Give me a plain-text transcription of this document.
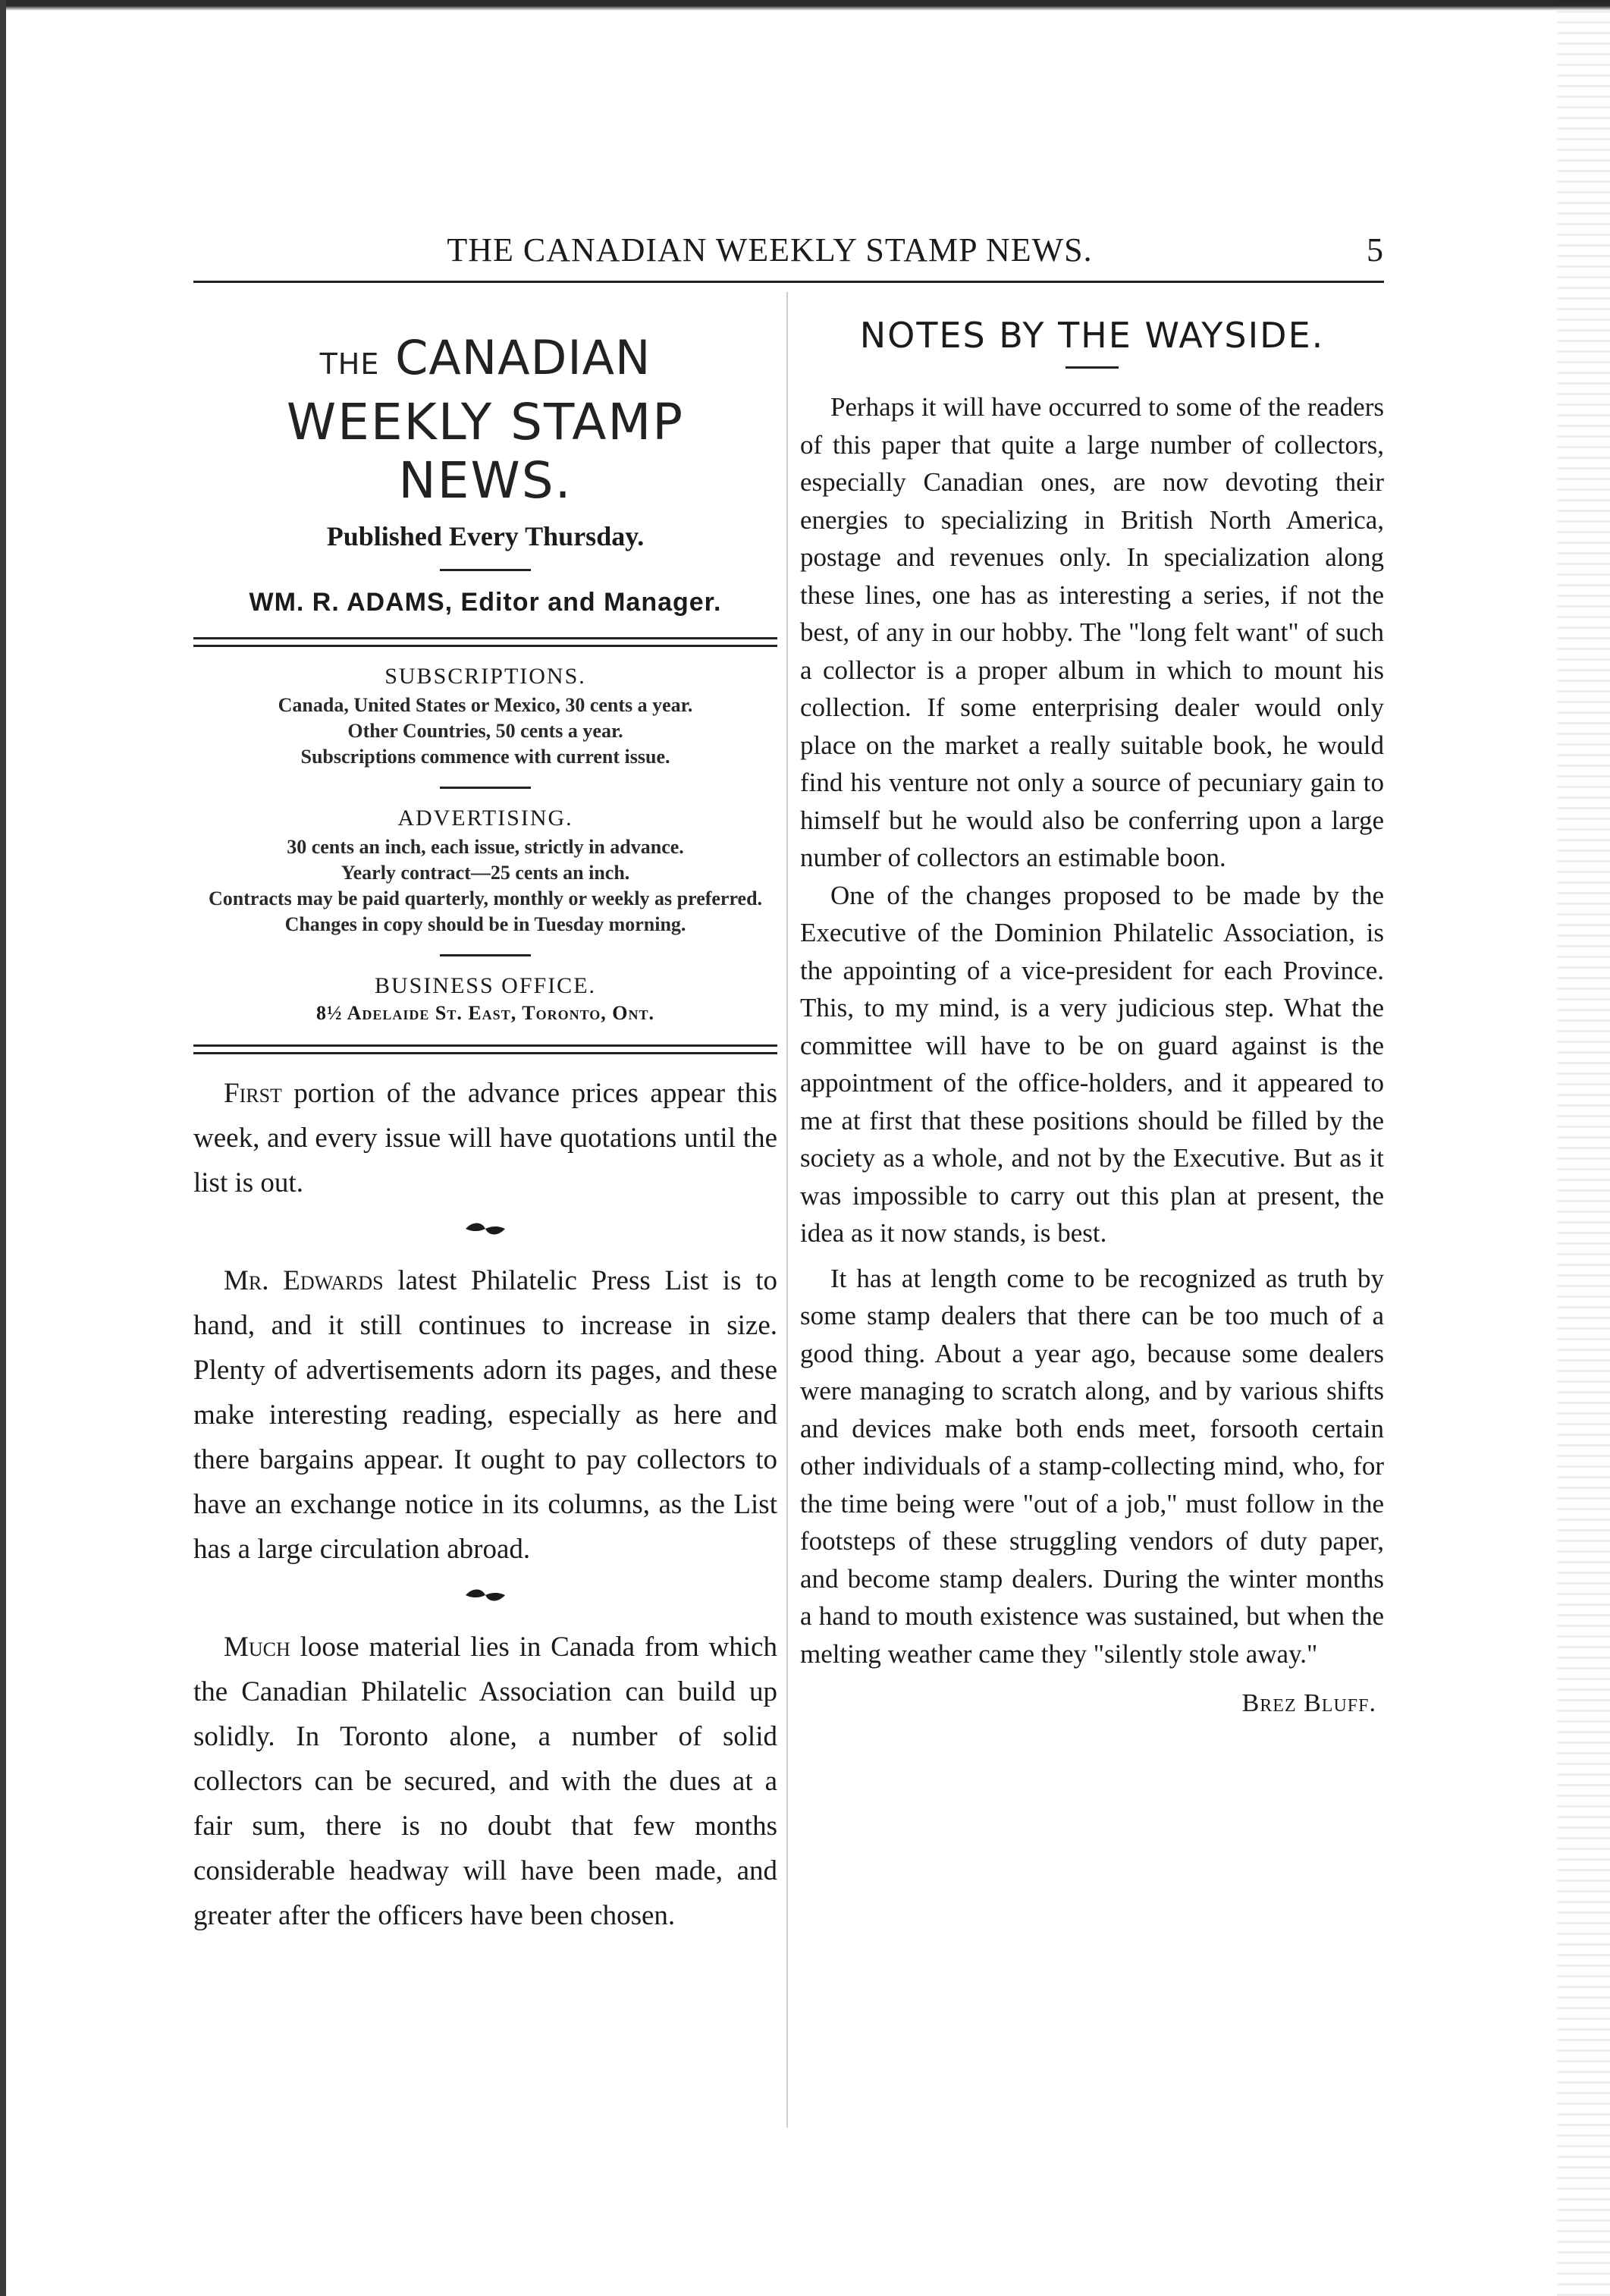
THE CANADIAN WEEKLY STAMP NEWS.	5
THE CANADIAN
WEEKLY STAMP NEWS.
Published Every Thursday.
WM. R. ADAMS, Editor and Manager.
SUBSCRIPTIONS.
Canada, United States or Mexico, 30 cents a year.
Other Countries, 50 cents a year.
Subscriptions commence with current issue.
ADVERTISING.
30 cents an inch, each issue, strictly in advance.
Yearly contract—25 cents an inch.
Contracts may be paid quarterly, monthly or weekly as preferred.
Changes in copy should be in Tuesday morning.
BUSINESS OFFICE.
8½ Adelaide St. East, Toronto, Ont.

First portion of the advance prices appear this week, and every issue will have quotations until the list is out.

Mr. Edwards latest Philatelic Press List is to hand, and it still continues to increase in size. Plenty of advertisements adorn its pages, and these make interesting reading, especially as here and there bargains appear. It ought to pay collectors to have an exchange notice in its columns, as the List has a large circulation abroad.

Much loose material lies in Canada from which the Canadian Philatelic Association can build up solidly. In Toronto alone, a number of solid collectors can be secured, and with the dues at a fair sum, there is no doubt that few months considerable headway will have been made, and greater after the officers have been chosen.

NOTES BY THE WAYSIDE.

Perhaps it will have occurred to some of the readers of this paper that quite a large number of collectors, especially Canadian ones, are now devoting their energies to specializing in British North America, postage and revenues only. In specialization along these lines, one has as interesting a series, if not the best, of any in our hobby. The "long felt want" of such a collector is a proper album in which to mount his collection. If some enterprising dealer would only place on the market a really suitable book, he would find his venture not only a source of pecuniary gain to himself but he would also be conferring upon a large number of collectors an estimable boon.

One of the changes proposed to be made by the Executive of the Dominion Philatelic Association, is the appointing of a vice-president for each Province. This, to my mind, is a very judicious step. What the committee will have to be on guard against is the appointment of the office-holders, and it appeared to me at first that these positions should be filled by the society as a whole, and not by the Executive. But as it was impossible to carry out this plan at present, the idea as it now stands, is best.

It has at length come to be recognized as truth by some stamp dealers that there can be too much of a good thing. About a year ago, because some dealers were managing to scratch along, and by various shifts and devices make both ends meet, forsooth certain other individuals of a stamp-collecting mind, who, for the time being were "out of a job," must follow in the footsteps of these struggling vendors of duty paper, and become stamp dealers. During the winter months a hand to mouth existence was sustained, but when the melting weather came they "silently stole away."

Brez Bluff.
